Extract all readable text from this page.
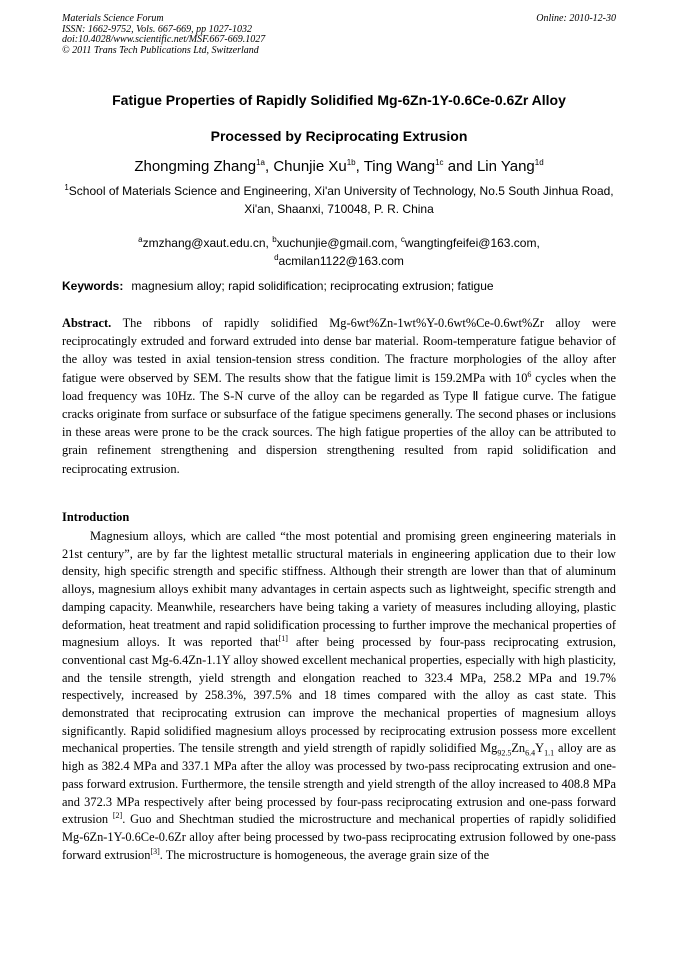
Materials Science Forum
ISSN: 1662-9752, Vols. 667-669, pp 1027-1032
doi:10.4028/www.scientific.net/MSF.667-669.1027
© 2011 Trans Tech Publications Ltd, Switzerland
Online: 2010-12-30
Fatigue Properties of Rapidly Solidified Mg-6Zn-1Y-0.6Ce-0.6Zr Alloy
Processed by Reciprocating Extrusion
Zhongming Zhang$^{1a}$, Chunjie $Xu^{1b}$, Ting Wang$^{1c}$ and Lin Yang$^{1d}$
$^1$School of Materials Science and Engineering, Xi'an University of Technology, No.5 South Jinhua Road, Xi'an, Shaanxi, 710048, P. R. China
$^a$zmzhang@xaut.edu.cn, $^b$xuchunjie@gmail.com, $^c$wangtingfeifei@163.com,
$^d$acmilan1122@163.com
Keywords: magnesium alloy; rapid solidification; reciprocating extrusion; fatigue
Abstract. The ribbons of rapidly solidified Mg-6wt%Zn-1wt%Y-0.6wt%Ce-0.6wt%Zr alloy were reciprocatingly extruded and forward extruded into dense bar material. Room-temperature fatigue behavior of the alloy was tested in axial tension-tension stress condition. The fracture morphologies of the alloy after fatigue were observed by SEM. The results show that the fatigue limit is 159.2MPa with $10^6$ cycles when the load frequency was 10Hz. The S-N curve of the alloy can be regarded as Type Ⅱ fatigue curve. The fatigue cracks originate from surface or subsurface of the fatigue specimens generally. The second phases or inclusions in these areas were prone to be the crack sources. The high fatigue properties of the alloy can be attributed to grain refinement strengthening and dispersion strengthening resulted from rapid solidification and reciprocating extrusion.
Introduction
Magnesium alloys, which are called “the most potential and promising green engineering materials in 21st century”, are by far the lightest metallic structural materials in engineering application due to their low density, high specific strength and specific stiffness. Although their strength are lower than that of aluminum alloys, magnesium alloys exhibit many advantages in certain aspects such as lightweight, specific strength and damping capacity. Meanwhile, researchers have being taking a variety of measures including alloying, plastic deformation, heat treatment and rapid solidification processing to further improve the mechanical properties of magnesium alloys. It was reported that[1] after being processed by four-pass reciprocating extrusion, conventional cast Mg-6.4Zn-1.1Y alloy showed excellent mechanical properties, especially with high plasticity, and the tensile strength, yield strength and elongation reached to 323.4 MPa, 258.2 MPa and 19.7% respectively, increased by 258.3%, 397.5% and 18 times compared with the alloy as cast state. This demonstrated that reciprocating extrusion can improve the mechanical properties of magnesium alloys significantly. Rapid solidified magnesium alloys processed by reciprocating extrusion possess more excellent mechanical properties. The tensile strength and yield strength of rapidly solidified $Mg_{92.5}Zn_{6.4}Y_{1.1}$ alloy are as high as 382.4 MPa and 337.1 MPa after the alloy was processed by two-pass reciprocating extrusion and one-pass forward extrusion. Furthermore, the tensile strength and yield strength of the alloy increased to 408.8 MPa and 372.3 MPa respectively after being processed by four-pass reciprocating extrusion and one-pass forward extrusion [2]. Guo and Shechtman studied the microstructure and mechanical properties of rapidly solidified Mg-6Zn-1Y-0.6Ce-0.6Zr alloy after being processed by two-pass reciprocating extrusion followed by one-pass forward extrusion[3]. The microstructure is homogeneous, the average grain size of the
